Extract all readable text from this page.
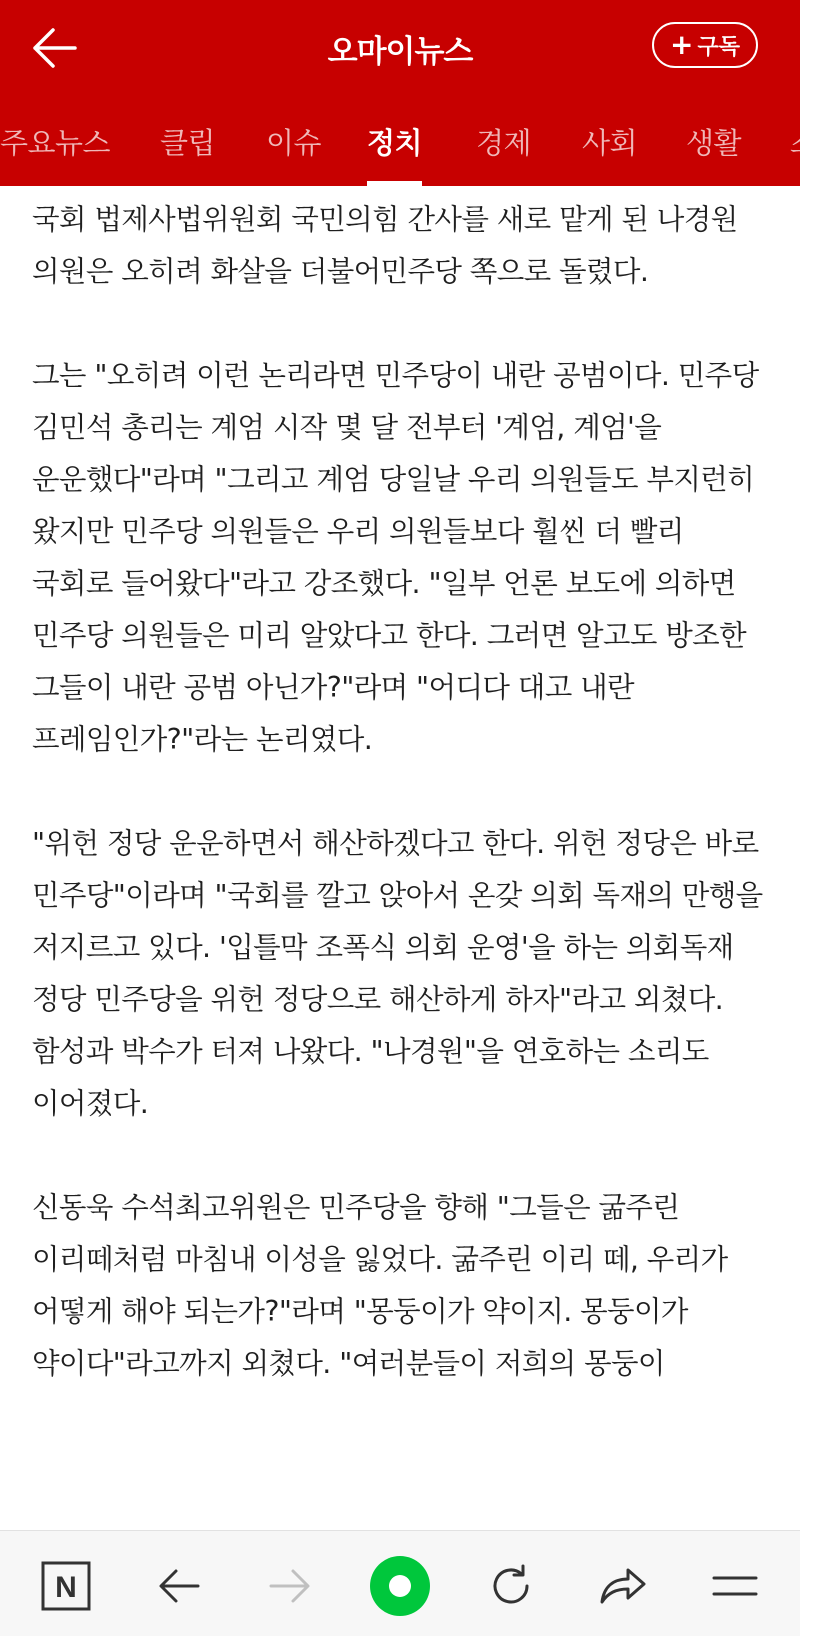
오마이뉴스	+ 구독
주요뉴스 클립 이슈 정치 경제 사회 생활 스

국회 법제사법위원회 국민의힘 간사를 새로 맡게 된 나경원 의원은 오히려 화살을 더불어민주당 쪽으로 돌렸다.

그는 "오히려 이런 논리라면 민주당이 내란 공범이다. 민주당 김민석 총리는 계엄 시작 몇 달 전부터 '계엄, 계엄'을 운운했다"라며 "그리고 계엄 당일날 우리 의원들도 부지런히 왔지만 민주당 의원들은 우리 의원들보다 훨씬 더 빨리 국회로 들어왔다"라고 강조했다. "일부 언론 보도에 의하면 민주당 의원들은 미리 알았다고 한다. 그러면 알고도 방조한 그들이 내란 공범 아닌가?"라며 "어디다 대고 내란 프레임인가?"라는 논리였다.

"위헌 정당 운운하면서 해산하겠다고 한다. 위헌 정당은 바로 민주당"이라며 "국회를 깔고 앉아서 온갖 의회 독재의 만행을 저지르고 있다. '입틀막 조폭식 의회 운영'을 하는 의회독재 정당 민주당을 위헌 정당으로 해산하게 하자"라고 외쳤다. 함성과 박수가 터져 나왔다. "나경원"을 연호하는 소리도 이어졌다.

신동욱 수석최고위원은 민주당을 향해 "그들은 굶주린 이리떼처럼 마침내 이성을 잃었다. 굶주린 이리 떼, 우리가 어떻게 해야 되는가?"라며 "몽둥이가 약이지. 몽둥이가 약이다"라고까지 외쳤다. "여러분들이 저희의 몽둥이

N
